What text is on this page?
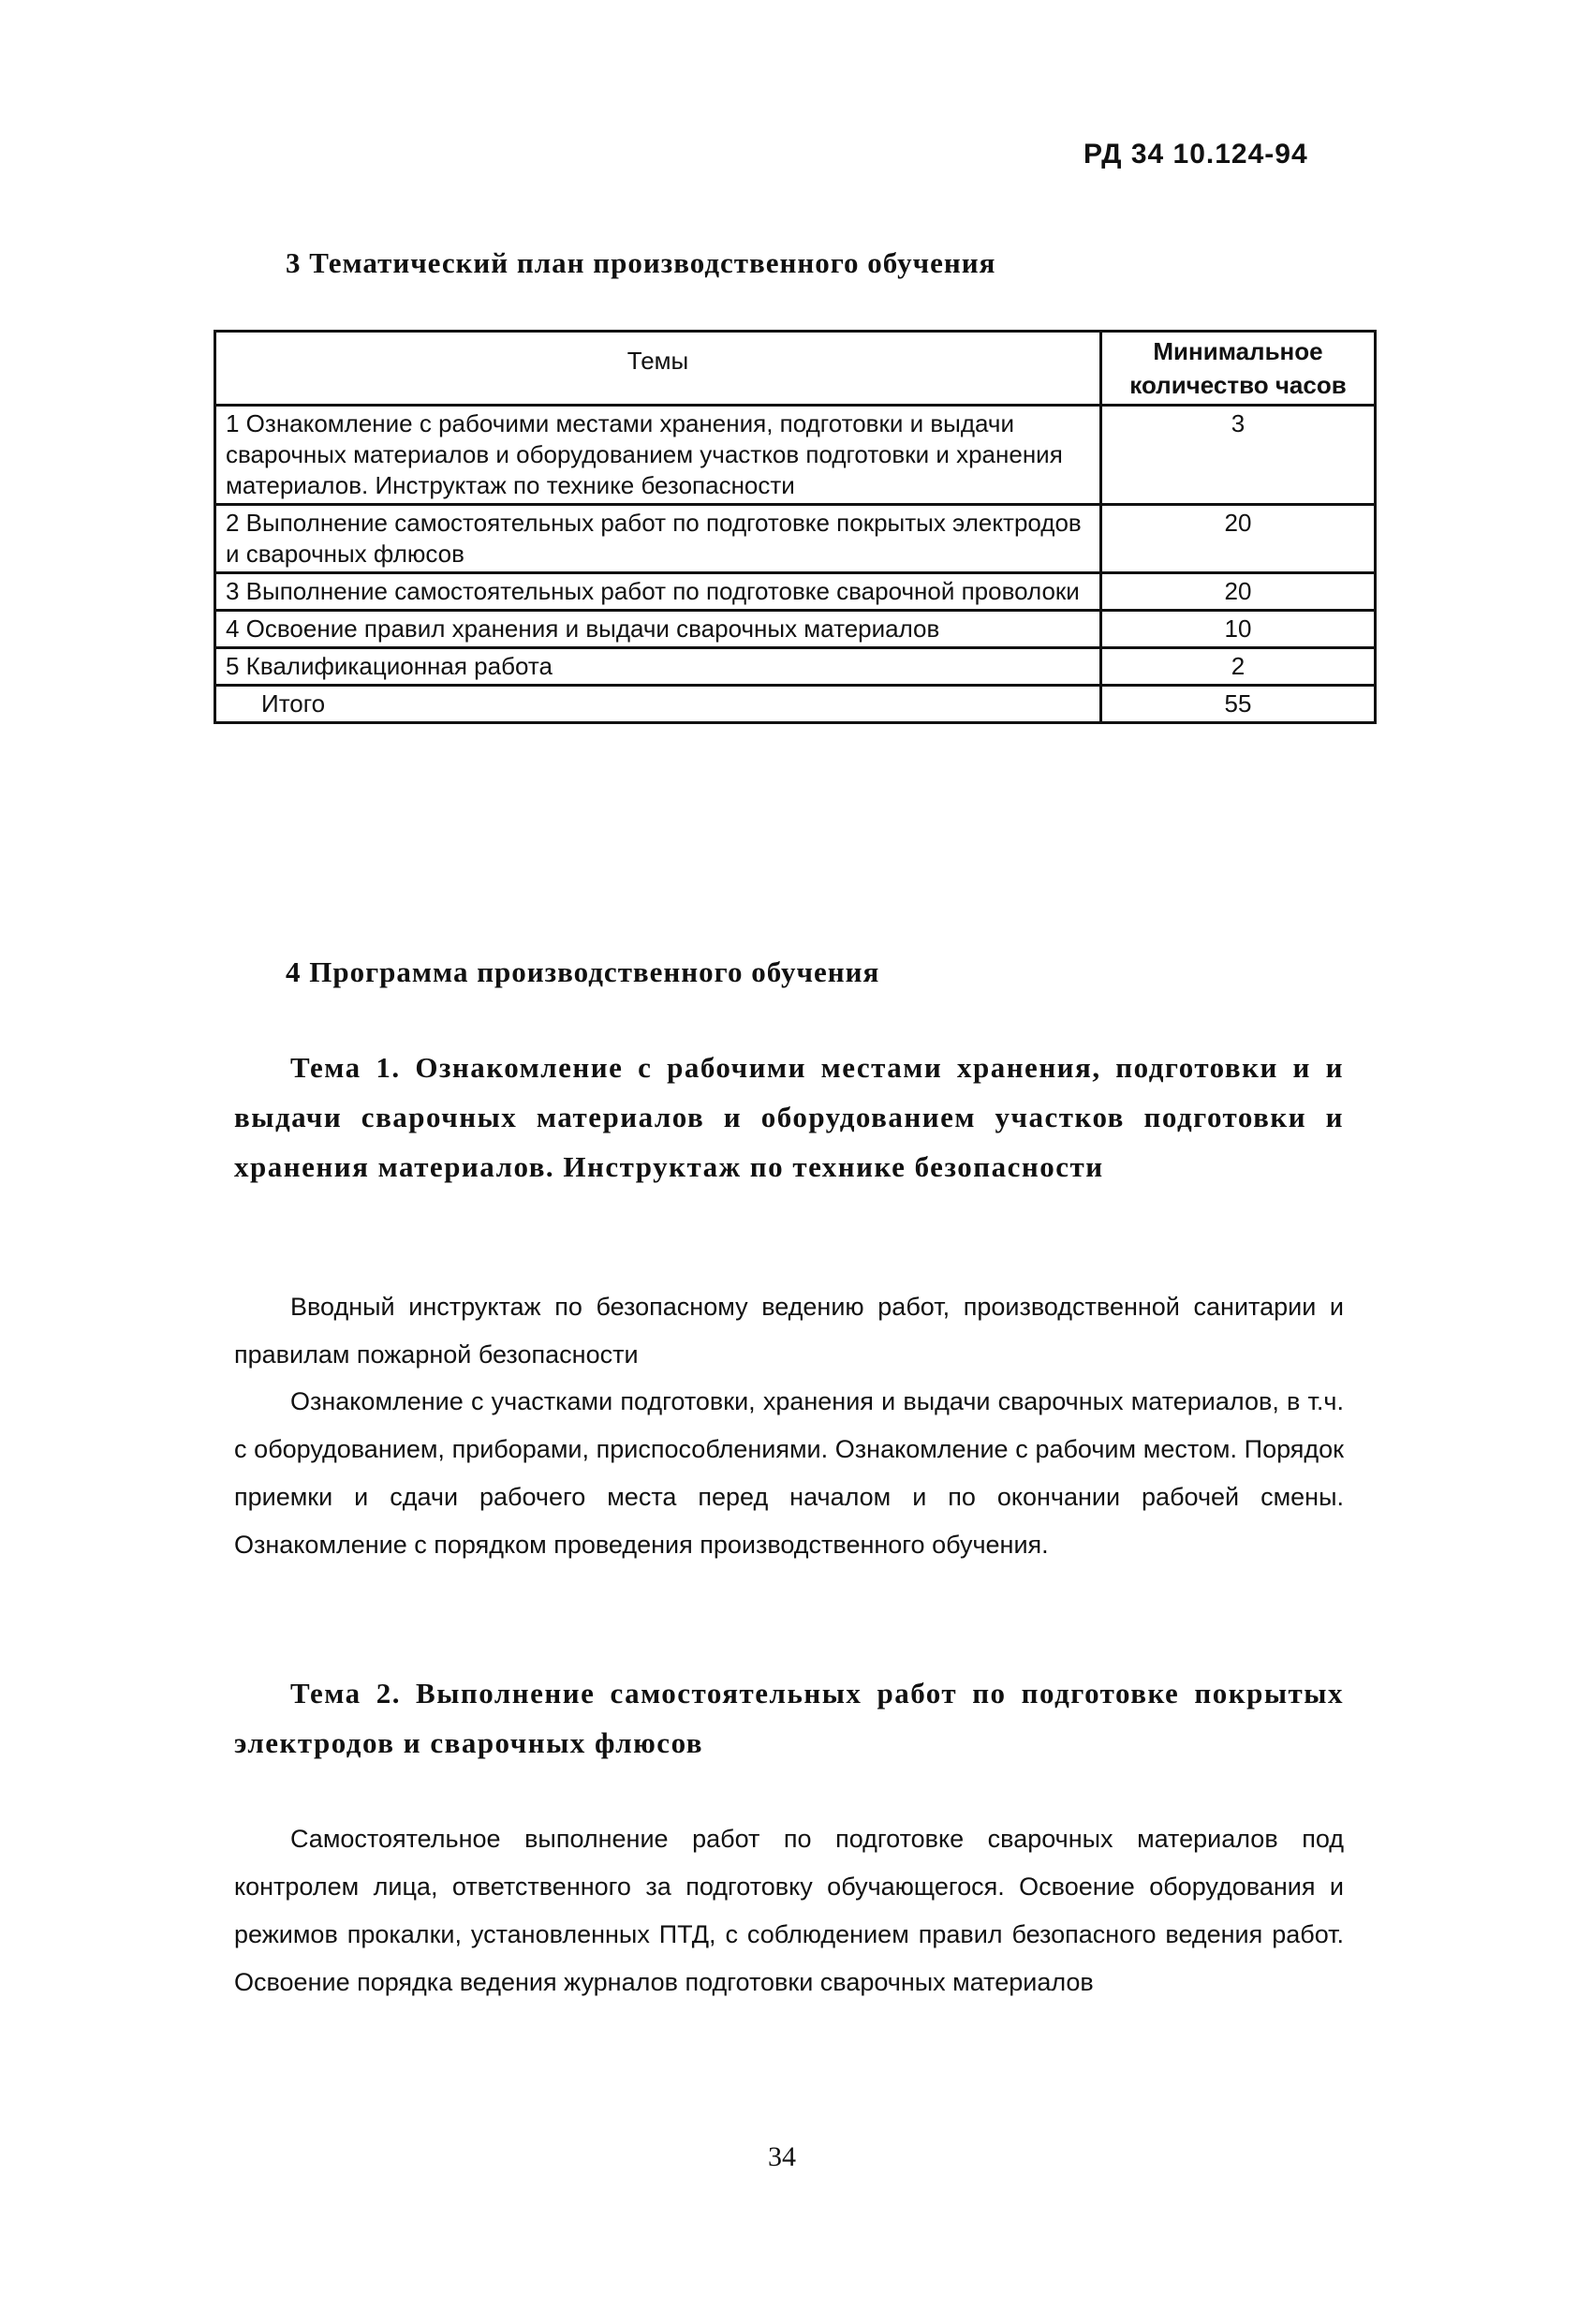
РД 34 10.124-94
3 Тематический план производственного обучения
Темы	Минимальное количество часов
1 Ознакомление с рабочими местами хранения, подготовки и выдачи сварочных материалов и оборудованием участков подготовки и хранения материалов. Инструктаж по технике безопасности	3
2 Выполнение самостоятельных работ по подготовке покрытых электродов и сварочных флюсов	20
3 Выполнение самостоятельных работ по подготовке сварочной проволоки	20
4 Освоение правил хранения и выдачи сварочных материалов	10
5 Квалификационная работа	2
Итого	55
4 Программа производственного обучения
Тема 1. Ознакомление с рабочими местами хранения, подготовки и и выдачи сварочных материалов и оборудованием участков подготовки и хранения материалов. Инструктаж по технике безопасности

Вводный инструктаж по безопасному ведению работ, производственной санитарии и правилам пожарной безопасности

Ознакомление с участками подготовки, хранения и выдачи сварочных материалов, в т.ч. с оборудованием, приборами, приспособлениями. Ознакомление с рабочим местом. Порядок приемки и сдачи рабочего места перед началом и по окончании рабочей смены. Ознакомление с порядком проведения производственного обучения.

Тема 2. Выполнение самостоятельных работ по подготовке покрытых электродов и сварочных флюсов

Самостоятельное выполнение работ по подготовке сварочных материалов под контролем лица, ответственного за подготовку обучающегося. Освоение оборудования и режимов прокалки, установленных ПТД, с соблюдением правил безопасного ведения работ. Освоение порядка ведения журналов подготовки сварочных материалов

34
